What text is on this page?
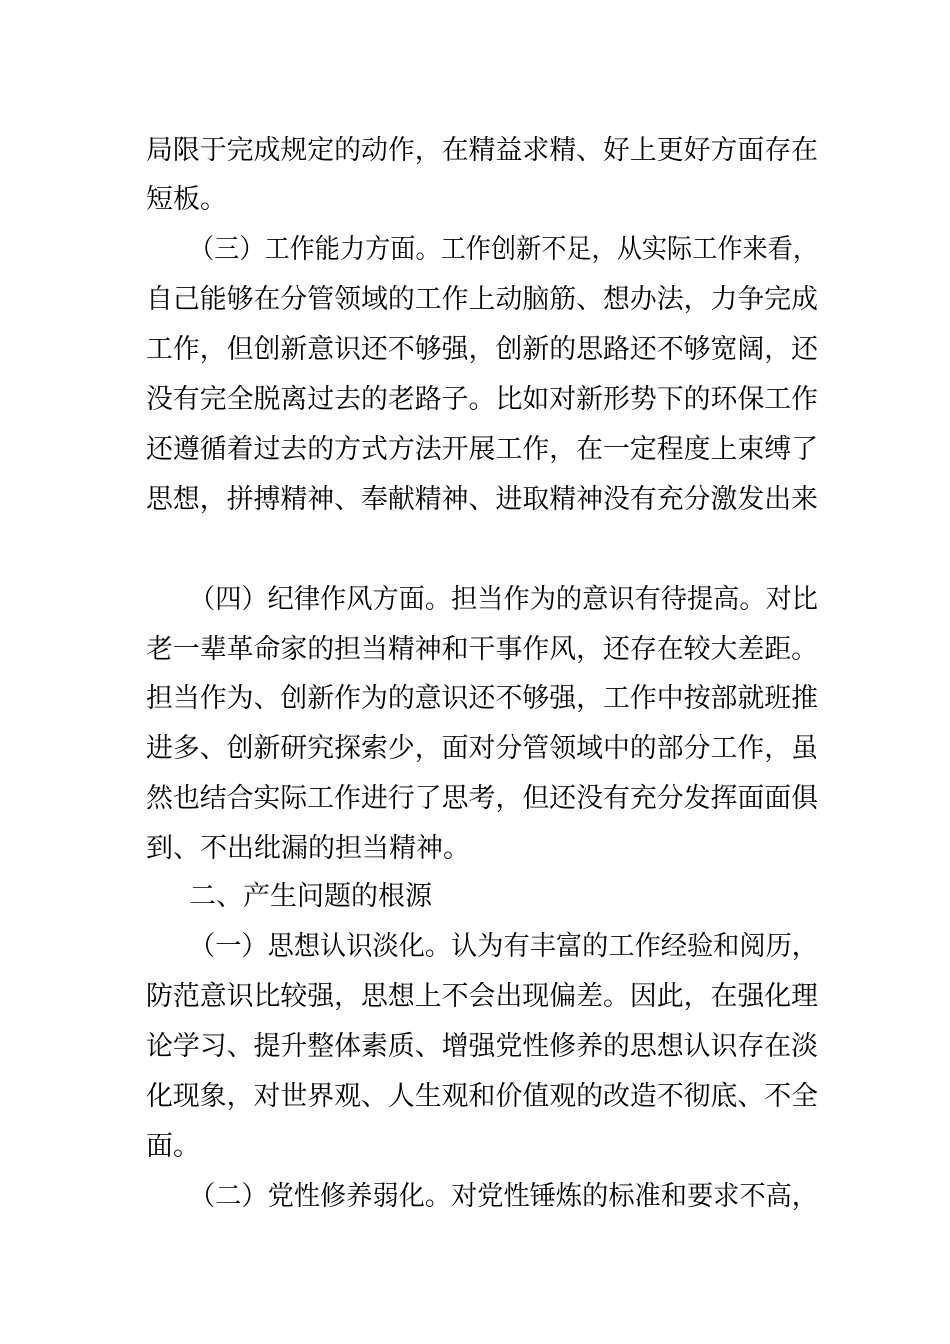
局限于完成规定的动作，在精益求精、好上更好方面存在

短板。

（三）工作能力方面。工作创新不足，从实际工作来看，

自己能够在分管领域的工作上动脑筋、想办法，力争完成

工作，但创新意识还不够强，创新的思路还不够宽阔，还

没有完全脱离过去的老路子。比如对新形势下的环保工作

还遵循着过去的方式方法开展工作，在一定程度上束缚了

思想，拼搏精神、奉献精神、进取精神没有充分激发出来

（四）纪律作风方面。担当作为的意识有待提高。对比

老一辈革命家的担当精神和干事作风，还存在较大差距。

担当作为、创新作为的意识还不够强，工作中按部就班推

进多、创新研究探索少，面对分管领域中的部分工作，虽

然也结合实际工作进行了思考，但还没有充分发挥面面俱

到、不出纰漏的担当精神。

二、产生问题的根源

（一）思想认识淡化。认为有丰富的工作经验和阅历，

防范意识比较强，思想上不会出现偏差。因此，在强化理

论学习、提升整体素质、增强党性修养的思想认识存在淡

化现象，对世界观、人生观和价值观的改造不彻底、不全

面。

（二）党性修养弱化。对党性锤炼的标准和要求不高，
